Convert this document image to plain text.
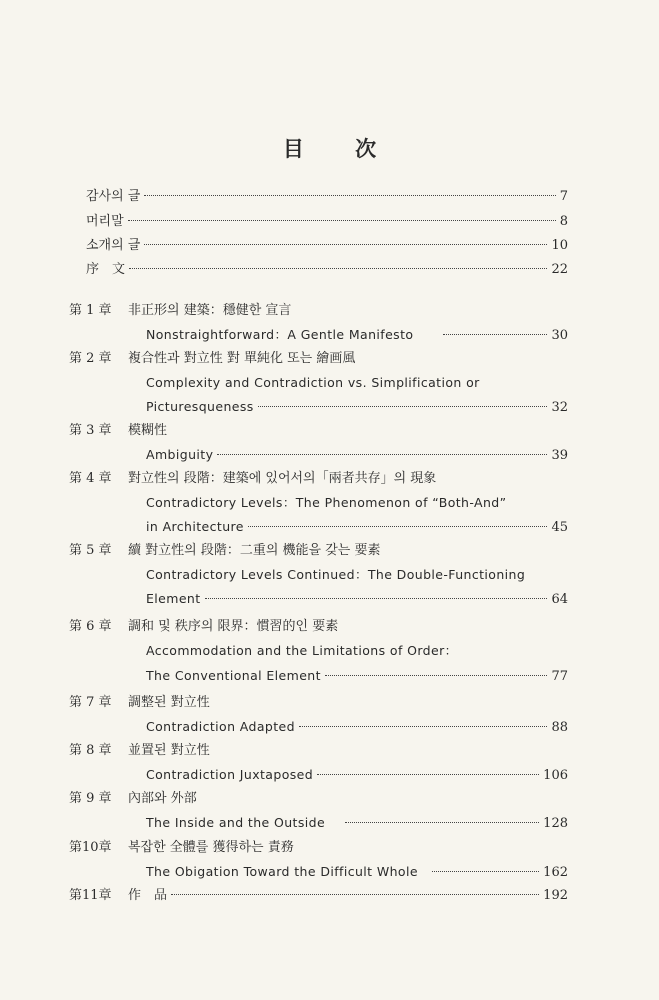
目 次
감사의 글	7
머리말	8
소개의 글	10
序　文	22
第 1 章 非正形의 建築：穩健한 宣言
Nonstraightforward：A Gentle Manifesto	30
第 2 章 複合性과 對立性 對 單純化 또는 繪画風
Complexity and Contradiction vs. Simplification or
Picturesqueness	32
第 3 章 模糊性
Ambiguity	39
第 4 章 對立性의 段階：建築에 있어서의「兩者共存」의 現象
Contradictory Levels：The Phenomenon of “Both-And”
in Architecture	45
第 5 章 續 對立性의 段階：二重의 機能을 갖는 要素
Contradictory Levels Continued：The Double-Functioning
Element	64
第 6 章 調和 및 秩序의 限界：慣習的인 要素
Accommodation and the Limitations of Order：
The Conventional Element	77
第 7 章 調整된 對立性
Contradiction Adapted	88
第 8 章 並置된 對立性
Contradiction Juxtaposed	106
第 9 章 內部와 外部
The Inside and the Outside	128
第10章 복잡한 全體를 獲得하는 責務
The Obigation Toward the Difficult Whole	162
第11章 作　品	192
